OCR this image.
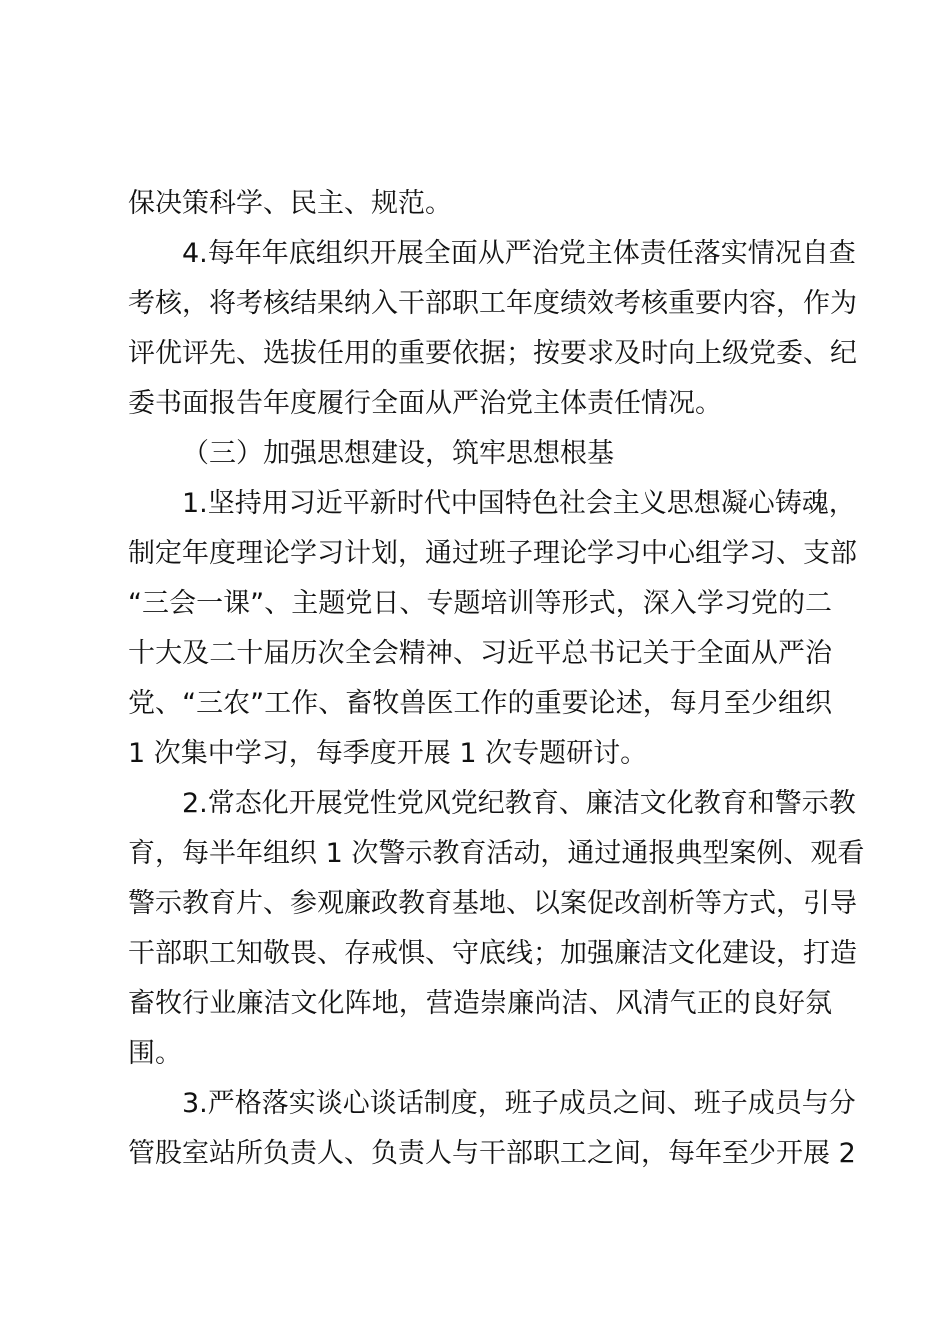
保决策科学、民主、规范。
4.每年年底组织开展全面从严治党主体责任落实情况自查
考核，将考核结果纳入干部职工年度绩效考核重要内容，作为
评优评先、选拔任用的重要依据；按要求及时向上级党委、纪
委书面报告年度履行全面从严治党主体责任情况。
（三）加强思想建设，筑牢思想根基
1.坚持用习近平新时代中国特色社会主义思想凝心铸魂，
制定年度理论学习计划，通过班子理论学习中心组学习、支部
“三会一课”、主题党日、专题培训等形式，深入学习党的二
十大及二十届历次全会精神、习近平总书记关于全面从严治
党、“三农”工作、畜牧兽医工作的重要论述，每月至少组织
1 次集中学习，每季度开展 1 次专题研讨。
2.常态化开展党性党风党纪教育、廉洁文化教育和警示教
育，每半年组织 1 次警示教育活动，通过通报典型案例、观看
警示教育片、参观廉政教育基地、以案促改剖析等方式，引导
干部职工知敬畏、存戒惧、守底线；加强廉洁文化建设，打造
畜牧行业廉洁文化阵地，营造崇廉尚洁、风清气正的良好氛
围。
3.严格落实谈心谈话制度，班子成员之间、班子成员与分
管股室站所负责人、负责人与干部职工之间，每年至少开展 2
